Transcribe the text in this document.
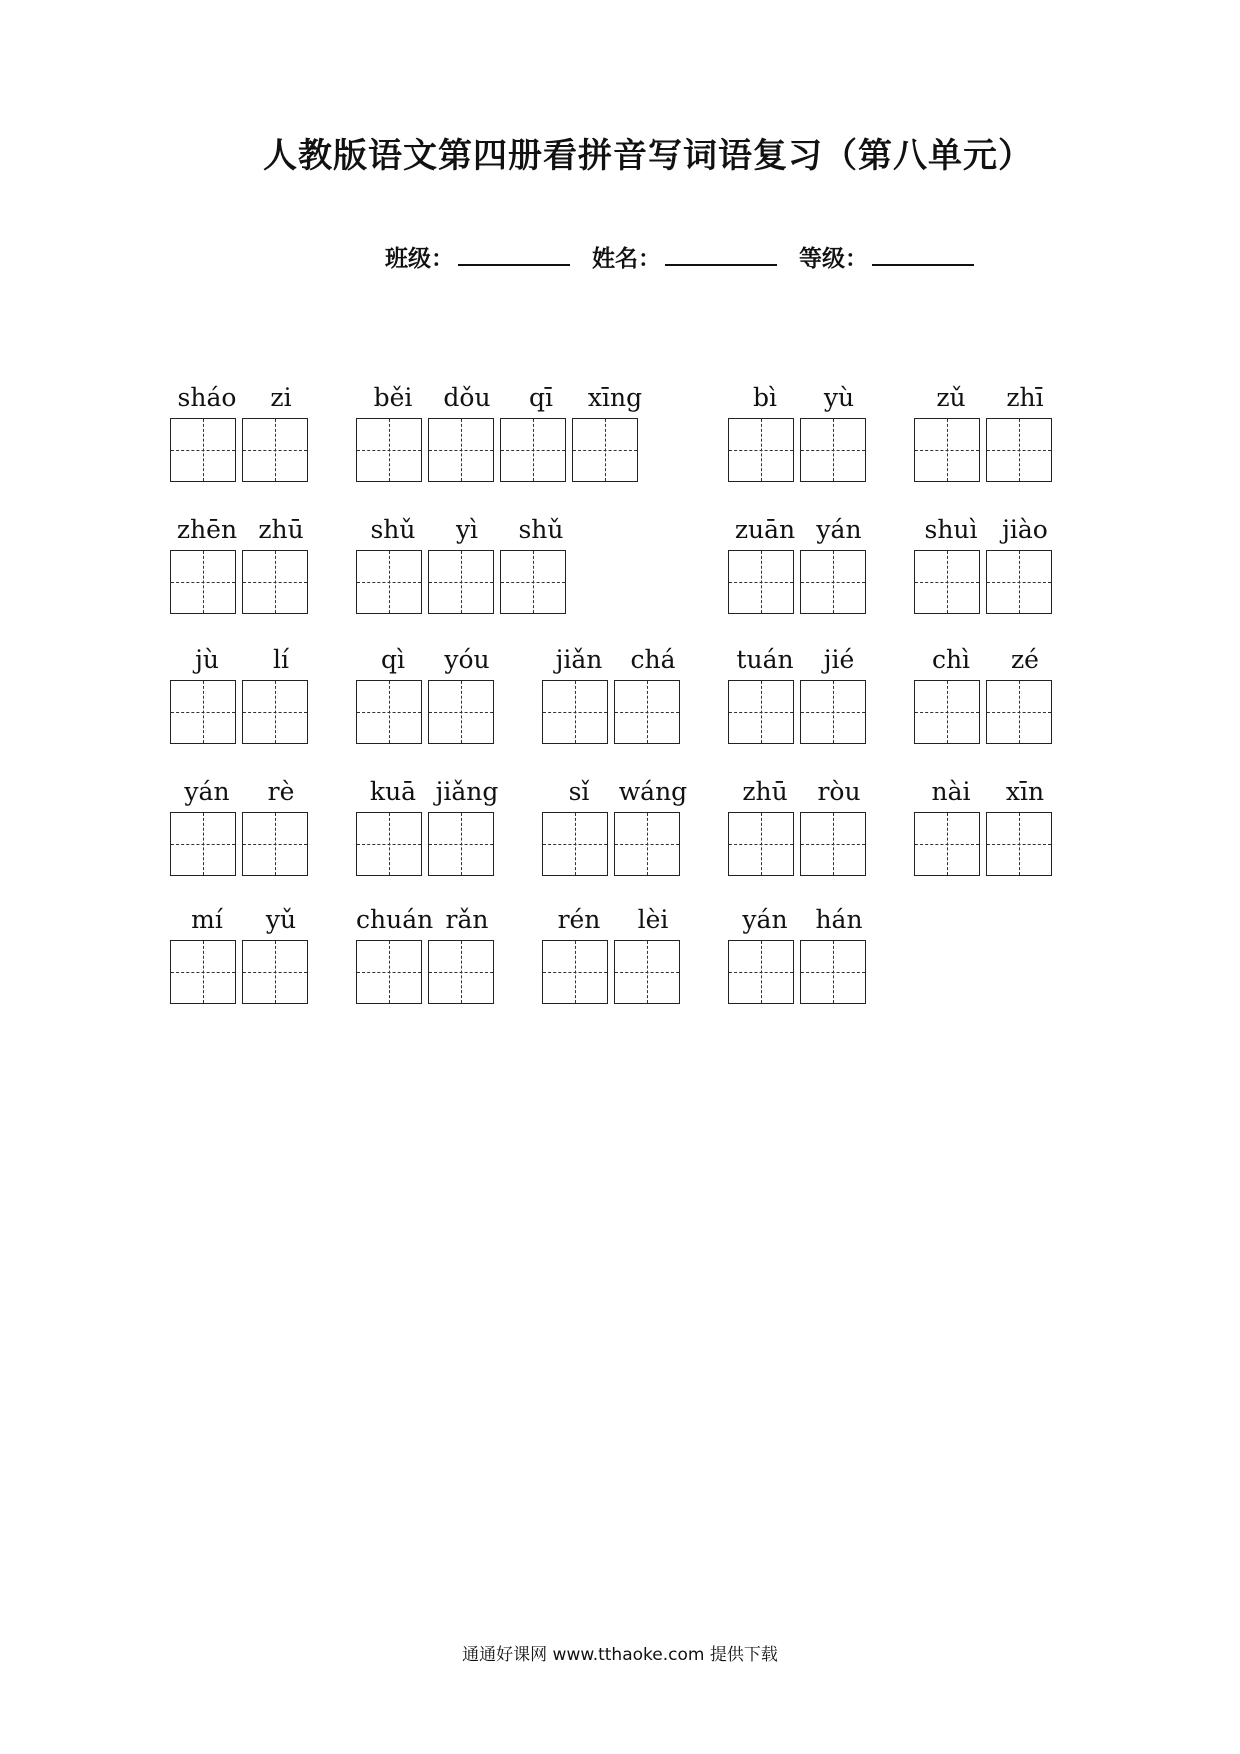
人教版语文第四册看拼音写词语复习（第八单元）
班级：	姓名：	等级：
sháo	zi	běi	dǒu	qī	xīng	bì	yù	zǔ	zhī
zhēn zhū	shǔ	yì	shǔ	zuān yán	shuì jiào
jù	lí	qì	yóu	jiǎn	chá	tuán	jié	chì	zé
yán	rè	kuā jiǎng	sǐ	wáng	zhū	ròu	nài	xīn
mí	yǔ	chuán rǎn	rén	lèi	yán	hán
通通好课网 www.tthaoke.com 提供下载
